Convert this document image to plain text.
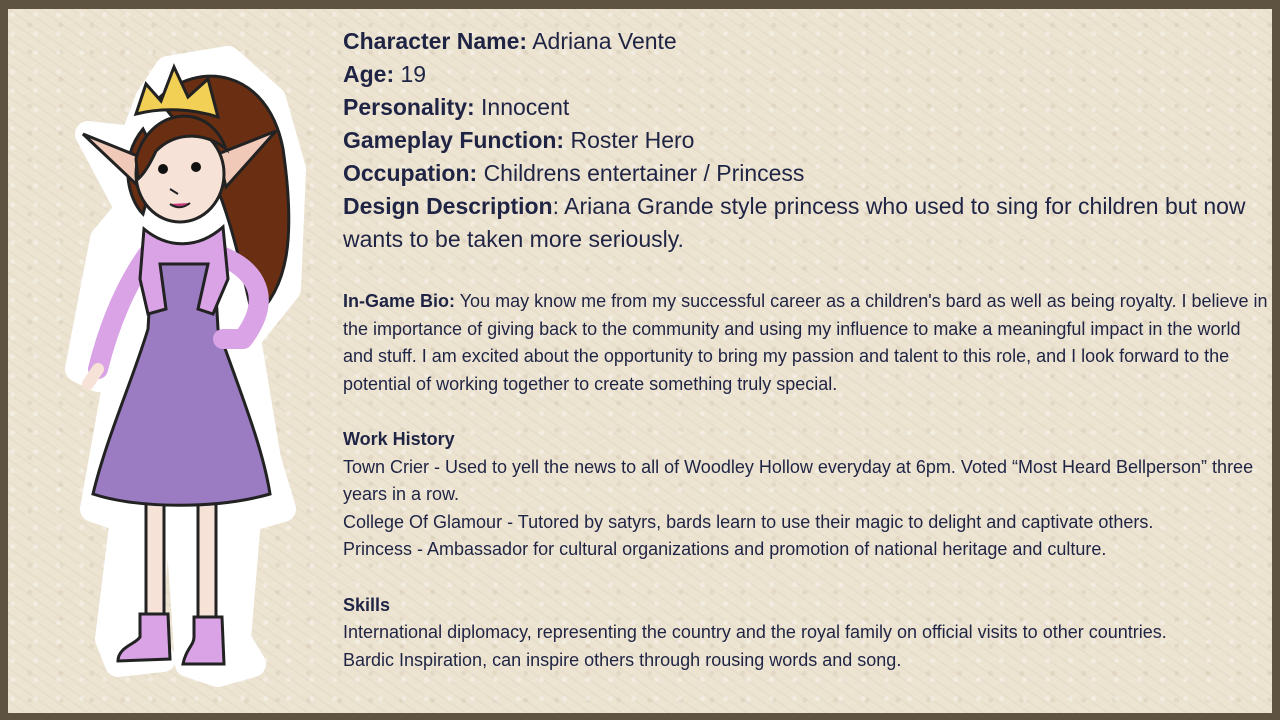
Character Name: Adriana Vente

Age: 19

Personality: Innocent

Gameplay Function: Roster Hero

Occupation: Childrens entertainer / Princess

Design Description: Ariana Grande style princess who used to sing for children but now wants to be taken more seriously.

In-Game Bio: You may know me from my successful career as a children's bard as well as being royalty. I believe in the importance of giving back to the community and using my influence to make a meaningful impact in the world and stuff. I am excited about the opportunity to bring my passion and talent to this role, and I look forward to the potential of working together to create something truly special.

Work History

Town Crier - Used to yell the news to all of Woodley Hollow everyday at 6pm. Voted “Most Heard Bellperson” three years in a row.

College Of Glamour - Tutored by satyrs, bards learn to use their magic to delight and captivate others.

Princess - Ambassador for cultural organizations and promotion of national heritage and culture.

Skills

International diplomacy, representing the country and the royal family on official visits to other countries.

Bardic Inspiration, can inspire others through rousing words and song.
